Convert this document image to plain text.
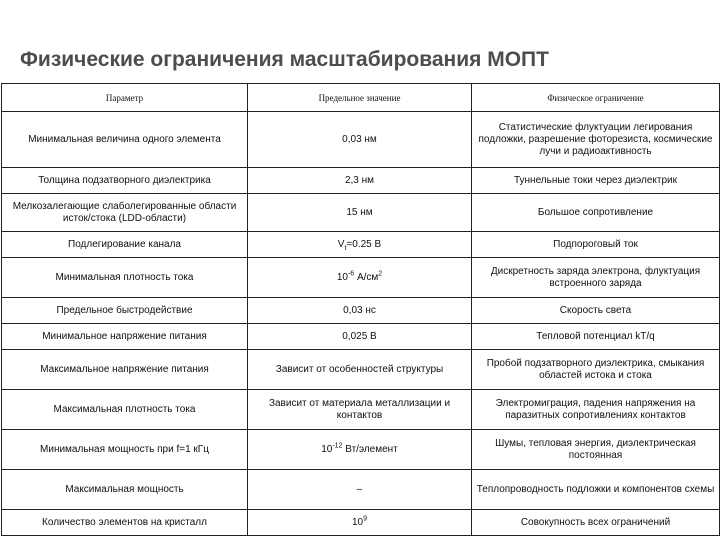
Физические ограничения масштабирования МОПТ
Параметр	Предельное значение	Физическое ограничение
Минимальная величина одного элемента	0,03 нм	Статистические флуктуации легирования подложки, разрешение фоторезиста, космические лучи и радиоактивность
Толщина подзатворного диэлектрика	2,3 нм	Туннельные токи через диэлектрик
Мелкозалегающие слаболегированные области исток/стока (LDD-области)	15 нм	Большое сопротивление
Подлегирование канала	$V_t=0.25$ В	Подпороговый ток
Минимальная плотность тока	$10^{-6}$ $А/см^2$	Дискретность заряда электрона, флуктуация встроенного заряда
Предельное быстродействие	0,03 нс	Скорость света
Минимальное напряжение питания	0,025 В	Тепловой потенциал kT/q
Максимальное напряжение питания	Зависит от особенностей структуры	Пробой подзатворного диэлектрика, смыкания областей истока и стока
Максимальная плотность тока	Зависит от материала металлизации и контактов	Электромиграция, падения напряжения на паразитных сопротивлениях контактов
Минимальная мощность при f=1 кГц	$10^{-12}$ Вт/элемент	Шумы, тепловая энергия, диэлектрическая постоянная
Максимальная мощность	–	Теплопроводность подложки и компонентов схемы
Количество элементов на кристалл	$10^9$	Совокупность всех ограничений
